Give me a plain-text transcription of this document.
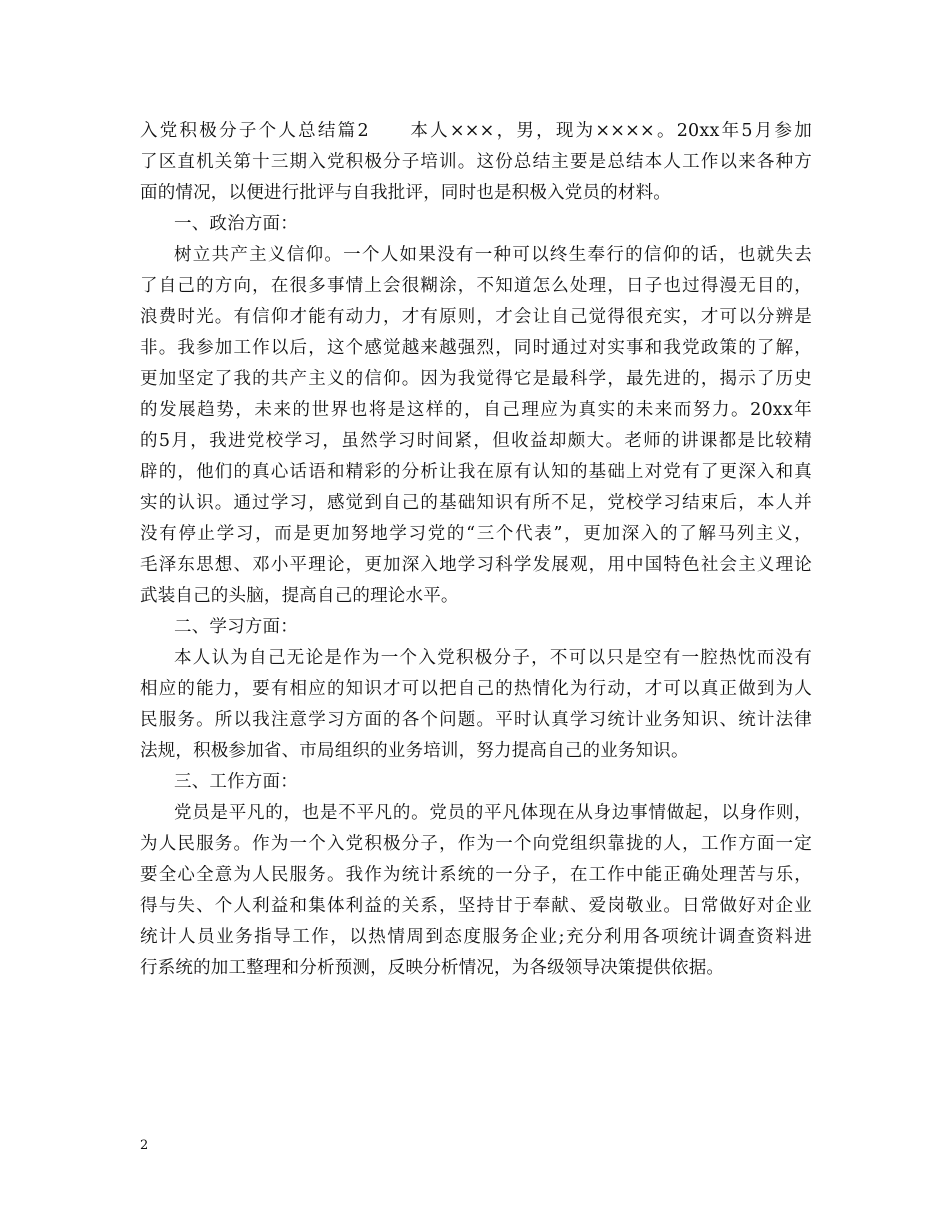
入党积极分子个人总结篇2　　本人×××，男，现为××××。20xx年5月参加
了区直机关第十三期入党积极分子培训。这份总结主要是总结本人工作以来各种方
面的情况，以便进行批评与自我批评，同时也是积极入党员的材料。
一、政治方面：
树立共产主义信仰。一个人如果没有一种可以终生奉行的信仰的话，也就失去
了自己的方向，在很多事情上会很糊涂，不知道怎么处理，日子也过得漫无目的，
浪费时光。有信仰才能有动力，才有原则，才会让自己觉得很充实，才可以分辨是
非。我参加工作以后，这个感觉越来越强烈，同时通过对实事和我党政策的了解，
更加坚定了我的共产主义的信仰。因为我觉得它是最科学，最先进的，揭示了历史
的发展趋势，未来的世界也将是这样的，自己理应为真实的未来而努力。20xx年
的5月，我进党校学习，虽然学习时间紧，但收益却颇大。老师的讲课都是比较精
辟的，他们的真心话语和精彩的分析让我在原有认知的基础上对党有了更深入和真
实的认识。通过学习，感觉到自己的基础知识有所不足，党校学习结束后，本人并
没有停止学习，而是更加努地学习党的“三个代表”，更加深入的了解马列主义，
毛泽东思想、邓小平理论，更加深入地学习科学发展观，用中国特色社会主义理论
武装自己的头脑，提高自己的理论水平。
二、学习方面：
本人认为自己无论是作为一个入党积极分子，不可以只是空有一腔热忱而没有
相应的能力，要有相应的知识才可以把自己的热情化为行动，才可以真正做到为人
民服务。所以我注意学习方面的各个问题。平时认真学习统计业务知识、统计法律
法规，积极参加省、市局组织的业务培训，努力提高自己的业务知识。
三、工作方面：
党员是平凡的，也是不平凡的。党员的平凡体现在从身边事情做起，以身作则，
为人民服务。作为一个入党积极分子，作为一个向党组织靠拢的人，工作方面一定
要全心全意为人民服务。我作为统计系统的一分子，在工作中能正确处理苦与乐，
得与失、个人利益和集体利益的关系，坚持甘于奉献、爱岗敬业。日常做好对企业
统计人员业务指导工作，以热情周到态度服务企业;充分利用各项统计调查资料进
行系统的加工整理和分析预测，反映分析情况，为各级领导决策提供依据。
2
